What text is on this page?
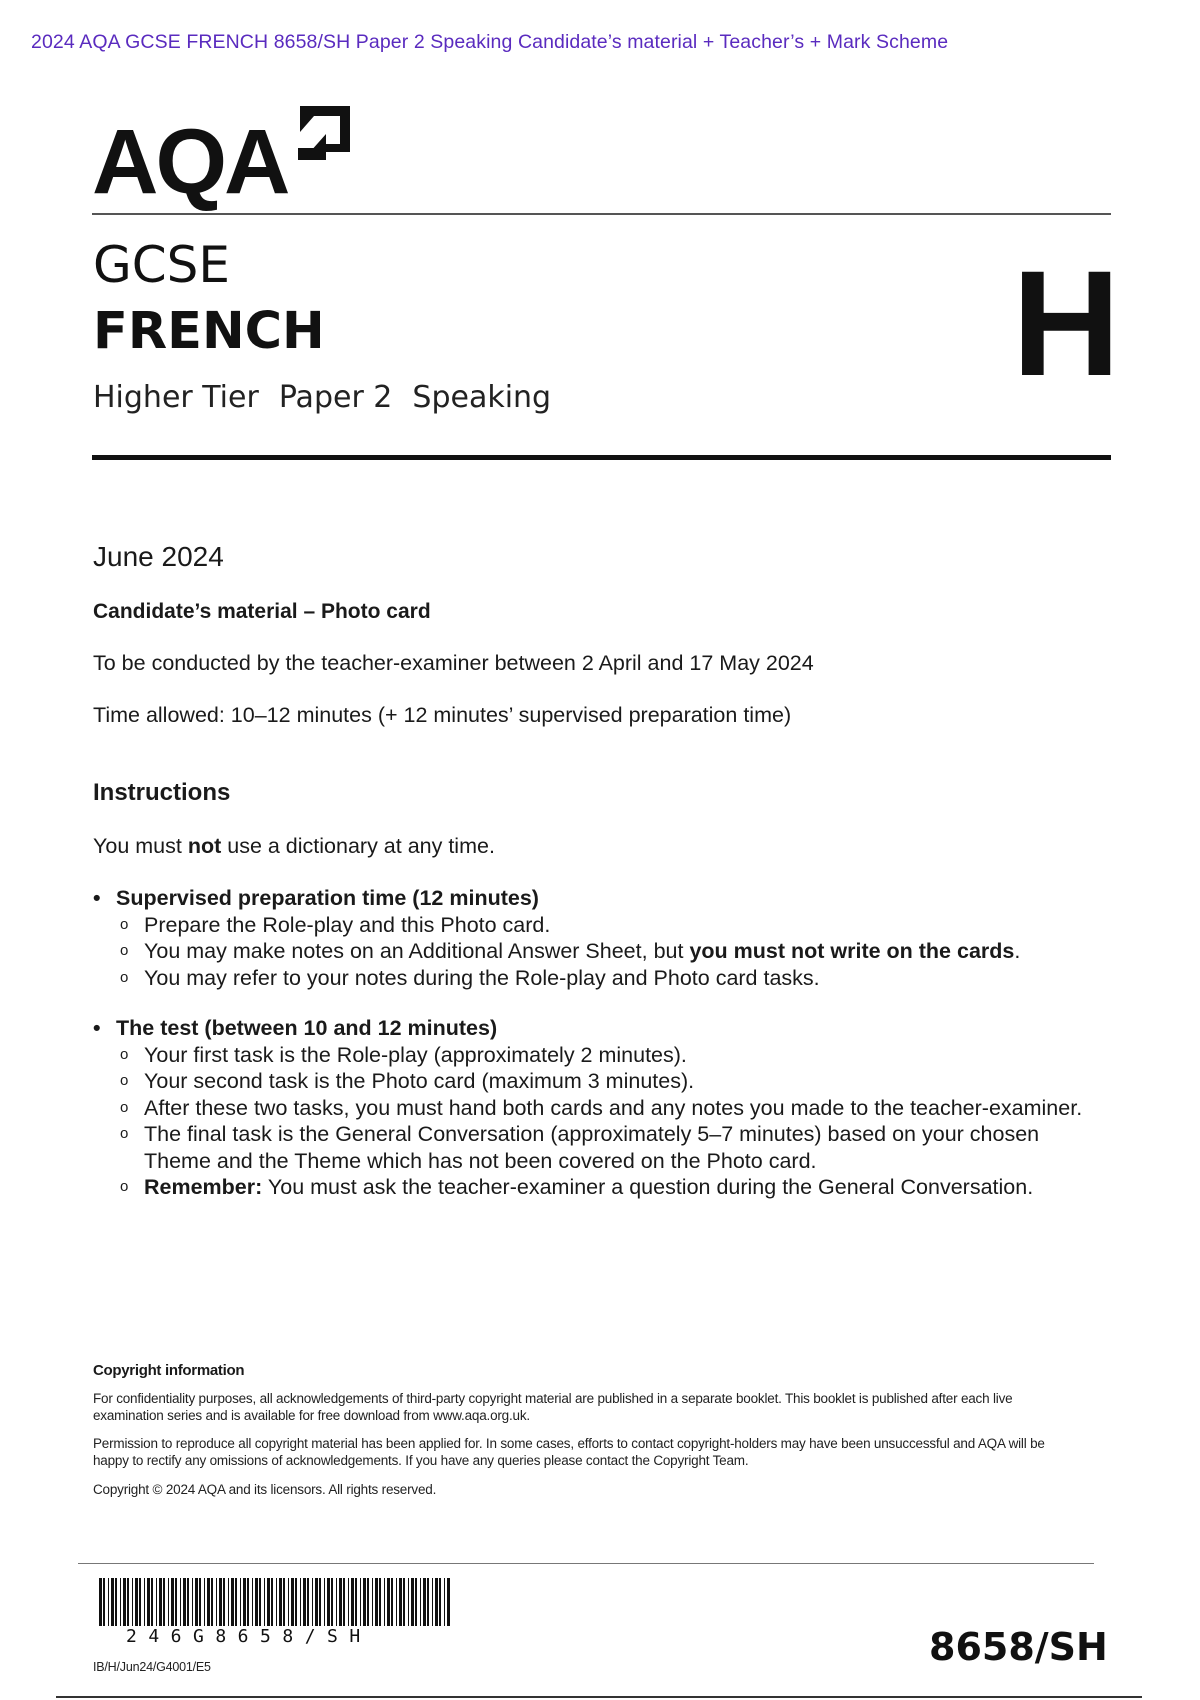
2024 AQA GCSE FRENCH 8658/SH Paper 2 Speaking Candidate’s material + Teacher’s + Mark Scheme
AQA
GCSE
FRENCH
Higher Tier Paper 2 Speaking	H
June 2024
Candidate’s material – Photo card
To be conducted by the teacher-examiner between 2 April and 17 May 2024
Time allowed: 10–12 minutes (+ 12 minutes’ supervised preparation time)
Instructions
You must not use a dictionary at any time.
• Supervised preparation time (12 minutes)
o Prepare the Role-play and this Photo card.
o You may make notes on an Additional Answer Sheet, but you must not write on the cards.
o You may refer to your notes during the Role-play and Photo card tasks.
• The test (between 10 and 12 minutes)
o Your first task is the Role-play (approximately 2 minutes).
o Your second task is the Photo card (maximum 3 minutes).
o After these two tasks, you must hand both cards and any notes you made to the teacher-examiner.
o The final task is the General Conversation (approximately 5–7 minutes) based on your chosen Theme and the Theme which has not been covered on the Photo card.
o Remember: You must ask the teacher-examiner a question during the General Conversation.
Copyright information
For confidentiality purposes, all acknowledgements of third-party copyright material are published in a separate booklet. This booklet is published after each live examination series and is available for free download from www.aqa.org.uk.
Permission to reproduce all copyright material has been applied for. In some cases, efforts to contact copyright-holders may have been unsuccessful and AQA will be happy to rectify any omissions of acknowledgements. If you have any queries please contact the Copyright Team.
Copyright © 2024 AQA and its licensors. All rights reserved.
246G8658/SH
IB/H/Jun24/G4001/E5	8658/SH
